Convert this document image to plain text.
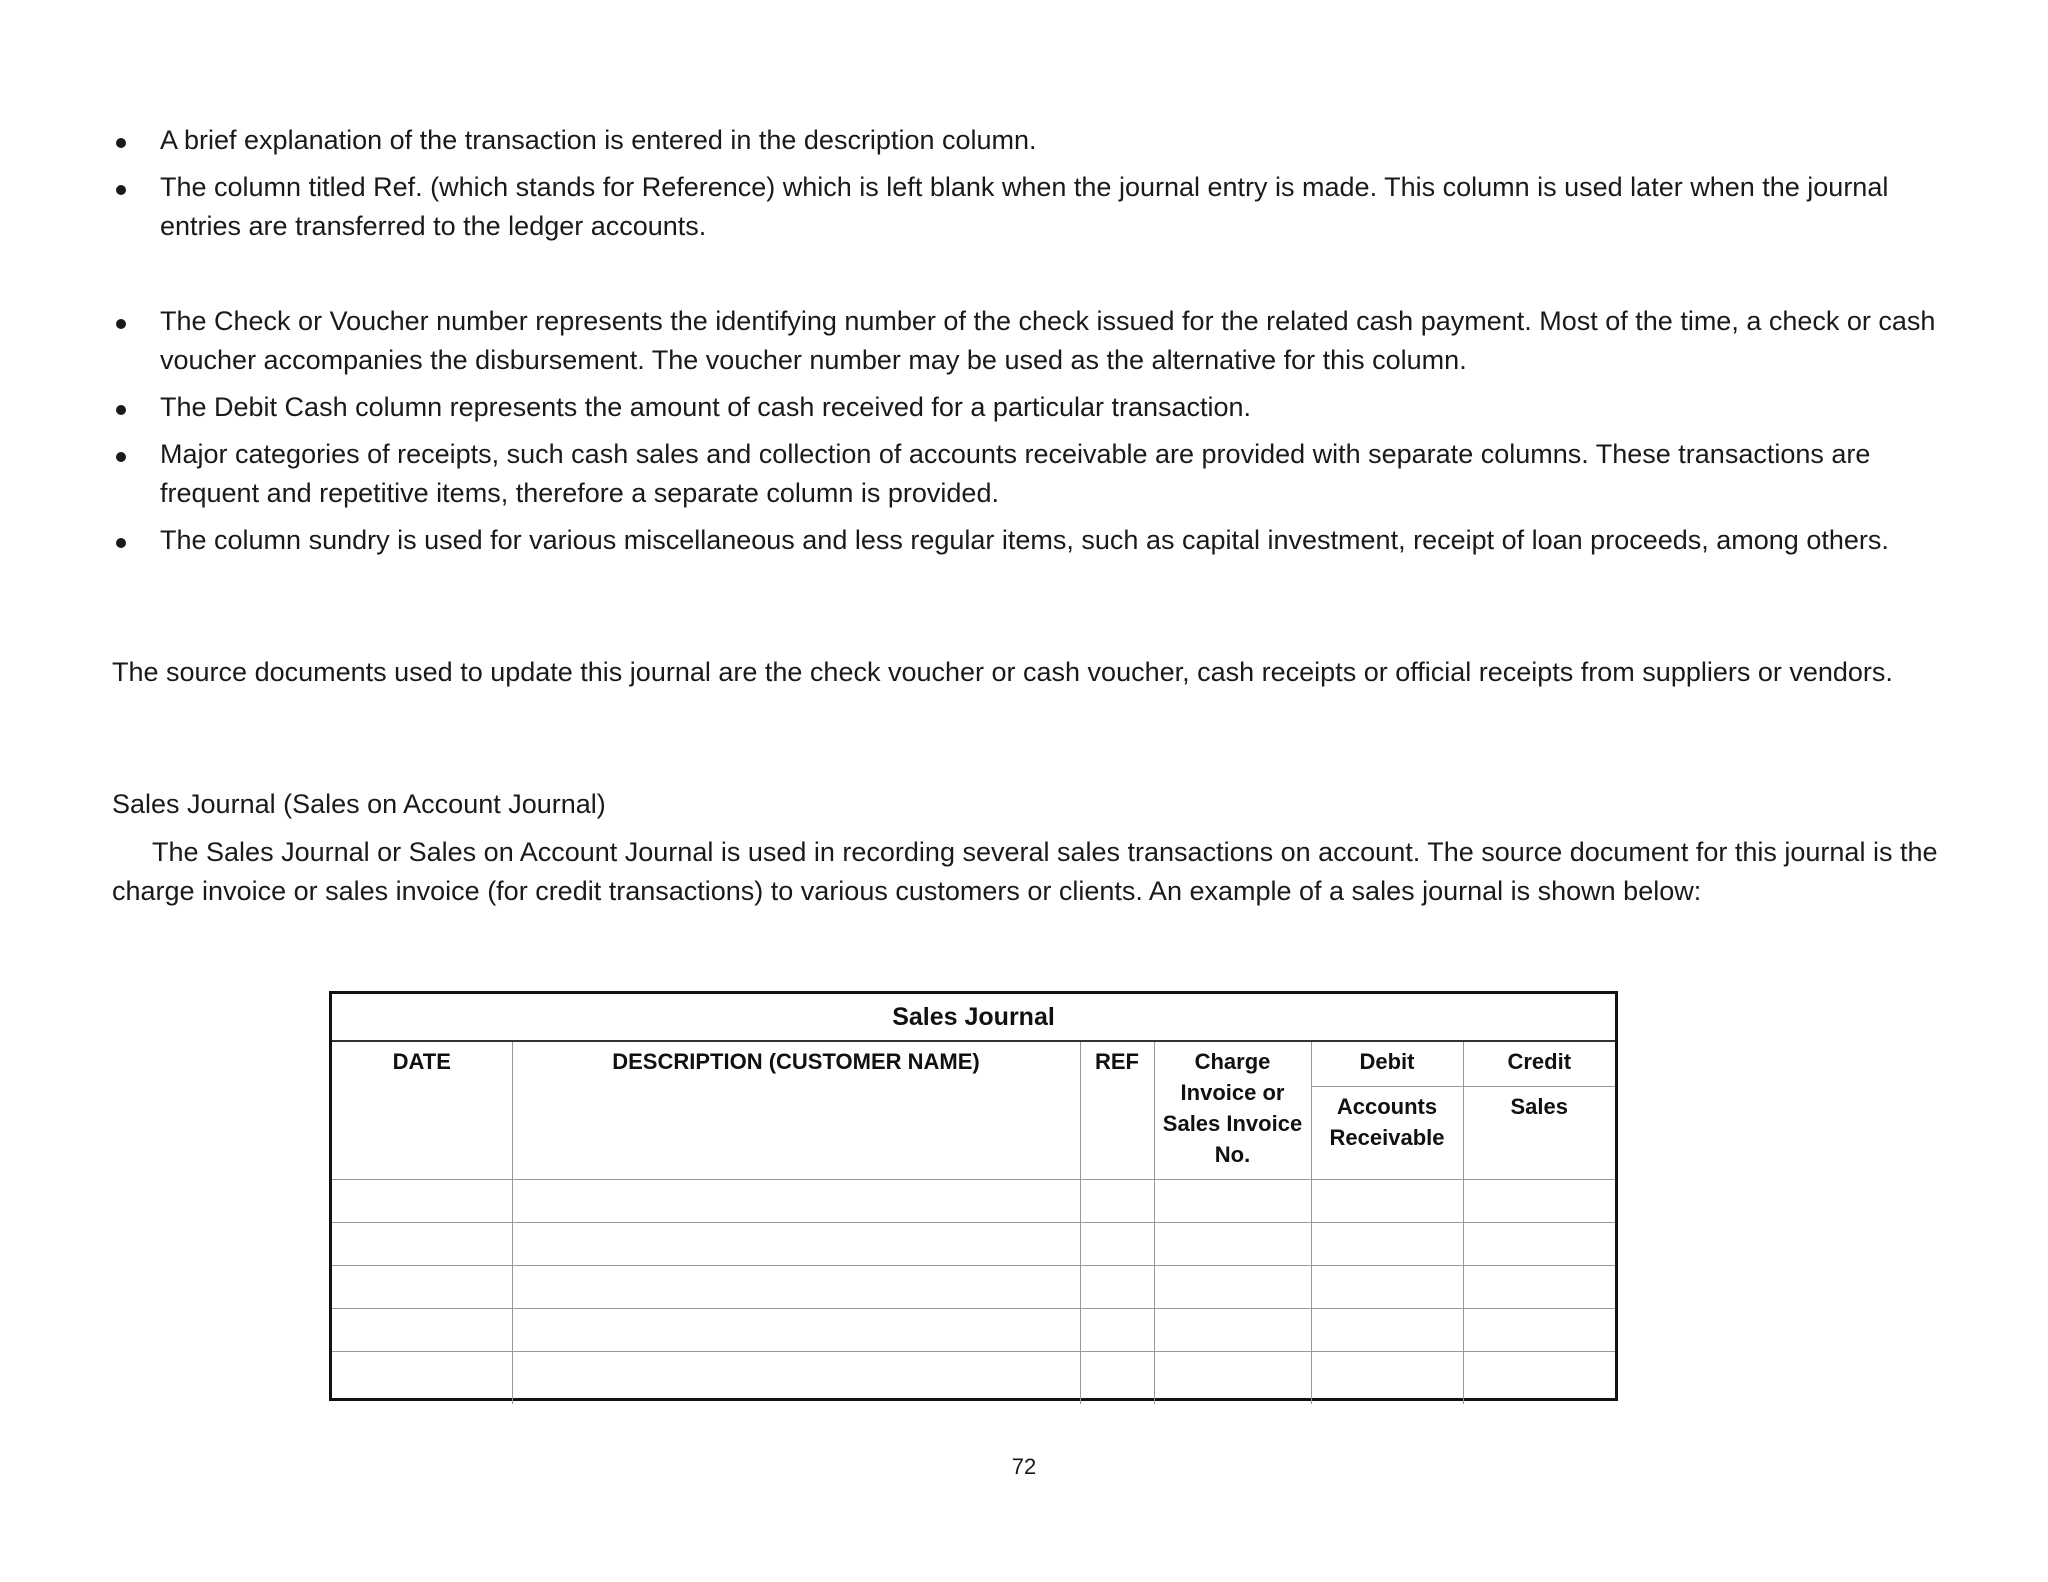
A brief explanation of the transaction is entered in the description column.
The column titled Ref. (which stands for Reference) which is left blank when the journal entry is made. This column is used later when the journal entries are transferred to the ledger accounts.
The Check or Voucher number represents the identifying number of the check issued for the related cash payment. Most of the time, a check or cash voucher accompanies the disbursement. The voucher number may be used as the alternative for this column.
The Debit Cash column represents the amount of cash received for a particular transaction.
Major categories of receipts, such cash sales and collection of accounts receivable are provided with separate columns. These transactions are frequent and repetitive items, therefore a separate column is provided.
The column sundry is used for various miscellaneous and less regular items, such as capital investment, receipt of loan proceeds, among others.

The source documents used to update this journal are the check voucher or cash voucher, cash receipts or official receipts from suppliers or vendors.

Sales Journal (Sales on Account Journal)

The Sales Journal or Sales on Account Journal is used in recording several sales transactions on account. The source document for this journal is the charge invoice or sales invoice (for credit transactions) to various customers or clients. An example of a sales journal is shown below:

Sales Journal					
DATE	DESCRIPTION (CUSTOMER NAME)	REF	Charge Invoice or Sales Invoice No.	Debit	Credit
				Accounts Receivable	Sales

72
